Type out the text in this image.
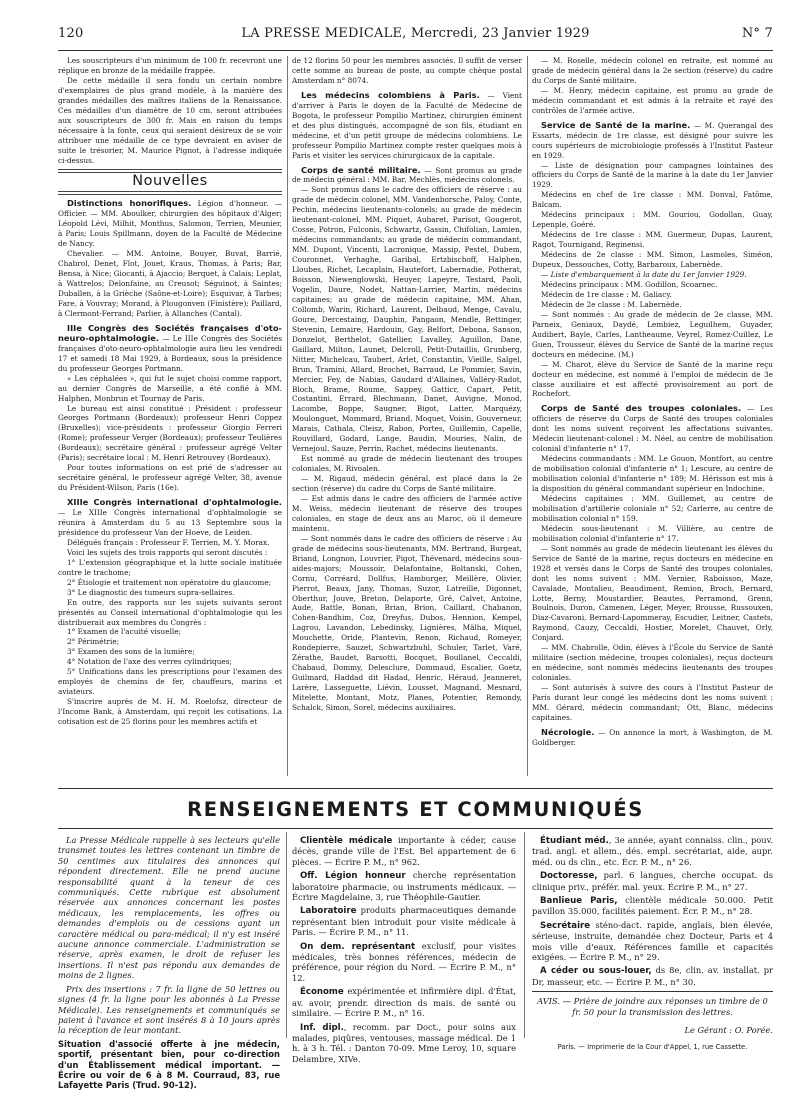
120	LA PRESSE MEDICALE, Mercredi, 23 Janvier 1929	N° 7

Les souscripteurs d'un minimum de 100 fr. recevront une réplique en bronze de la médaille frappée.

De cette médaille il sera fondu un certain nombre d'exemplaires de plus grand modèle, à la manière des grandes médailles des maîtres italiens de la Renaissance. Ces médailles d'un diamètre de 10 cm. seront attribuées aux souscripteurs de 300 fr. Mais en raison du temps nécessaire à la fonte, ceux qui seraient désireux de se voir attribuer une médaille de ce type devraient en aviser de suite le trésorier, M. Maurice Pignot, à l'adresse indiquée ci-dessus.

Nouvelles

Distinctions honorifiques. Légion d'honneur. — Officier. — MM. Aboulker, chirurgien des hôpitaux d'Alger; Léopold Lévi, Milhit, Monthus, Salomon, Terrien, Meunier, à Paris; Louis Spillmann, doyen de la Faculté de Médecine de Nancy.

Chevalier. — MM. Antoine, Bouyer, Buvat, Barrié, Chabrol, Denet, Flot, Jouet, Kraus, Thomas, à Paris; Bar, Bensa, à Nice; Giocanti, à Ajaccio; Berquet, à Calais; Leplat, à Wattrelos; Delonfaine, au Creusot; Séguinot, à Saintes; Duballen, à la Grièche (Saône-et-Loire); Esquivar, à Tarbes; Fare, à Vouvray; Morand, à Plougonven (Finistère); Paillard, à Clermont-Ferrand; Parlier, à Allanches (Cantal).

IIIe Congrès des Sociétés françaises d'oto-neuro-ophtalmologie. — Le IIIe Congrès des Sociétés françaises d'oto-neuro-ophtalmologie aura lieu les vendredi 17 et samedi 18 Mai 1929, à Bordeaux, sous la présidence du professeur Georges Portmann.

« Les céphalées », qui fut le sujet choisi comme rapport, au dernier Congrès de Marseille, a été confié à MM. Halphen, Monbrun et Tournay de Paris.

Le bureau est ainsi constitué : Président : professeur Georges Portmann (Bordeaux); professeur Henri Coppez (Bruxelles); vice-présidents : professeur Giorgio Ferreri (Rome); professeur Verger (Bordeaux); professeur Teulières (Bordeaux); secrétaire général : professeur agrégé Velter (Paris); secrétaire local : M. Henri Retrouvey (Bordeaux).

Pour toutes informations on est prié de s'adresser au secrétaire général, le professeur agrégé Velter, 38, avenue du Président-Wilson, Paris (16e).

XIIIe Congrès international d'ophtalmologie. — Le XIIIe Congrès international d'ophtalmologie se réunira à Amsterdam du 5 au 13 Septembre sous la présidence du professeur Van der Hoeve, de Leiden.

Délégués français : Professeur F. Terrien, M. Y. Morax.

Voici les sujets des trois rapports qui seront discutés :

1° L'extension géographique et la lutte sociale instituée contre le trachome;

2° Étiologie et traitement non opératoire du glaucome;

3° Le diagnostic des tumeurs supra-sellaires.

En outre, des rapports sur les sujets suivants seront présentés au Conseil international d'ophtalmologie qui les distribuerait aux membres du Congrès :

1° Examen de l'acuité visuelle;

2° Périmétrie;

3° Examen des sons de la lumière;

4° Notation de l'axe des verres cylindriques;

5° Unifications dans les prescriptions pour l'examen des employés de chemins de fer, chauffeurs, marins et aviateurs.

S'inscrire auprès de M. H. M. Roelofsz, directeur de l'Income Bank, à Amsterdam, qui reçoit les cotisations. La cotisation est de 25 florins pour les membres actifs et

de 12 florins 50 pour les membres associés. Il suffit de verser cette somme au bureau de poste, au compte chèque postal Amsterdam n° 8074.

Les médecins colombiens à Paris. — Vient d'arriver à Paris le doyen de la Faculté de Médecine de Bogota, le professeur Pompilio Martinez, chirurgien éminent et des plus distingués, accompagné de son fils, étudiant en médecine, et d'un petit groupe de médecins colombiens. Le professeur Pompilio Martinez compte rester quelques mois à Paris et visiter les services chirurgicaux de la capitale.

Corps de santé militaire. — Sont promus au grade de médecin général : MM. Bar, Mechlès, médecins colonels.

— Sont promus dans le cadre des officiers de réserve : au grade de médecin colonel, MM. Vandenborsche, Paloy, Conte, Pechin, médecins lieutenants-colonels; au grade de médecin lieutenant-colonel, MM. Piquet, Aubaret, Parisot, Gougerot, Cosse, Potron, Fulconis, Schwartz, Gassin, Chifolian, Lamien, médecins commandants; au grade de médecin commandant, MM. Dupont, Vincenti, Lacronique, Massip, Pestel, Dubem, Couronnet, Verhaghe, Garibal, Ertzbischoff, Halphen, Lloubes, Richet, Lecaplain, Hautefort, Labernadie, Potherat, Boisson, Niewenglowski, Heuyer, Lapeyre, Testard, Paoli, Vogelin, Daure, Nodet, Nattan-Larrier, Martin, médecins capitaines; au grade de médecin capitaine, MM. Ahan, Collomb, Warin, Richard, Laurent, Delbaud, Menge, Cavalu, Goure, Dercestaing, Dauphin, Pangaon, Mendle, Bettinger, Stevenin, Lemaire, Hardouin, Gay, Belfort, Debona, Sanson, Donzelot, Berthelot, Gatellier, Lavalley, Aguillon, Dane, Gaillard, Milton, Launet, Delcroll, Petit-Dutaillis, Grunberg, Nitter, Michelcau, Taubert, Arlet, Constantin, Vieille, Salgel, Brun, Tramini, Allard, Brochet, Barraud, Le Pommier, Savin, Mercier, Fey, de Nabias, Gaudard d'Allaines, Valléry-Radot, Bloch, Brame, Roume, Sappey, Gatticr, Capart, Petit, Costantini, Errard, Blechmann, Danet, Auvigne, Monod, Lacombe, Boppe, Saugner, Bigot, Latter, Marquézy, Moulonguet, Mommard, Briand, Moquet, Voisin, Gouverneur, Marais, Cathala, Cleisz, Rabon, Portes, Guillemin, Capelle, Rouvillard, Godard, Lange, Baudin, Mouries, Nalin, de Vernejoul, Sauze, Perrin, Rachet, médecins lieutenants.

Est nommé au grade de médecin lieutenant des troupes coloniales, M. Rivoalen.

— M. Rigaud, médecin général, est placé dans la 2e section (réserve) du cadre du Corps de Santé militaire.

— Est admis dans le cadre des officiers de l'armée active M. Weiss, médecin lieutenant de réserve des troupes coloniales, en stage de deux ans au Maroc, où il demeure maintenu.

— Sont nommés dans le cadre des officiers de réserve : Au grade de médecins sous-lieutenants, MM. Bertrand, Burgeat, Briand, Longnon, Louvrier, Pigot, Thévenard, médecins sous-aides-majors; Moussoir, Delafontaine, Boltanski, Cohen, Cornu, Corréard, Dollfus, Hamburger, Meillère, Olivier, Pierrot, Beaux, Jany, Thomas, Suzor, Latreille, Digonnet, Oberthur, Jouve, Breton, Delaporte, Gré, Calvet, Antoine, Aude, Battle, Bonan, Brian, Brion, Caillard, Chabanon, Cohen-Bandhim, Coz, Dreyfus, Dubos, Hennion, Kempel, Lagrou, Lavandon, Lebedinsky, Lignières, Mälha, Miquel, Mouchette, Oride, Plantevin, Renon, Richaud, Romeyer, Rondepierre, Sauzet, Schwartzbuhl, Schuler, Tarlet, Varé, Zérathe, Baudet, Barsotti, Bocquet, Boullanel, Ceccaldi, Chabaud, Dommy, Delesclure, Dommaud, Escalier, Goetz, Guilmard, Haddad dit Hadad, Henric, Héraud, Jeanneret, Larère, Lasseguette, Liévin, Lousset, Magnand, Mesnard, Mitelette, Montant, Motz, Planes, Potentier, Remondy, Schalck, Simon, Sorel, médecins auxiliaires.

— M. Roselle, médecin colonel en retraite, est nommé au grade de médecin général dans la 2e section (réserve) du cadre du Corps de Santé militaire.

— M. Henry, médecin capitaine, est promu au grade de médecin commandant et est admis à la retraite et rayé des contrôles de l'armée active.

Service de Santé de la marine. — M. Querangal des Essarts, médecin de 1re classe, est désigné pour suivre les cours supérieurs de microbiologie professés à l'Institut Pasteur en 1929.

— Liste de désignation pour campagnes lointaines des officiers du Corps de Santé de la marine à la date du 1er Janvier 1929.

Médecins en chef de 1re classe : MM. Donval, Fatôme, Balcam.

Médecins principaux : MM. Gouriou, Godollan, Guay, Lepenple, Goéré.

Médecins de 1re classe : MM. Guermeur, Dupas, Laurent, Ragot, Tournigand, Reginensi.

Médecins de 2e classe : MM. Simon, Lasmoles, Siméon, Dupeux, Dessouches, Cotty, Barbaroux, Labernède.

— Liste d'embarquement à la date du 1er Janvier 1929.

Médecins principaux : MM. Godillon, Scoarnec.

Médecin de 1re classe : M. Galiacy.

Médecin de 2e classe : M. Labernède.

— Sont nommés : Au grade de médecin de 2e classe, MM. Parneix, Geniaux, Daydé, Lembiez, Leguilhem, Guyader, Audibert, Bayle, Carles, Lantheaume, Veyrel, Romez-Cuillez, Le Guen, Trousseur, élèves du Service de Santé de la marine reçus docteurs en médecine. (M.)

— M. Charot, élève du Service de Santé de la marine reçu docteur en médecine, est nommé à l'emploi de médecin de 3e classe auxiliaire et est affecté provisoirement au port de Rochefort.

Corps de Santé des troupes coloniales. — Les officiers de réserve du Corps de Santé des troupes coloniales dont les noms suivent reçoivent les affectations suivantes. Médecin lieutenant-colonel : M. Néel, au centre de mobilisation colonial d'infanterie n° 17.

Médecins commandants : MM. Le Gouon, Montfort, au centre de mobilisation colonial d'infanterie n° 1; Lescure, au centre de mobilisation colonial d'infanterie n° 189; M. Hérisson est mis à la disposition du général commandant supérieur en Indochine.

Médecins capitaines : MM. Guillemet, au centre de mobilisation d'artillerie coloniale n° 52; Carlerre, au centre de mobilisation colonial n° 159.

Médecin sous-lieutenant : M. Villière, au centre de mobilisation colonial d'infanterie n° 17.

— Sont nommés au grade de médecin lieutenant les élèves du Service de Santé de la marine, reçus docteurs en médecine en 1928 et versés dans le Corps de Santé des troupes coloniales, dont les noms suivent : MM. Vernier, Raboisson, Maze, Cavalade, Montalieu, Beaudiment, Remion, Broch, Bernard, Lotte, Berny, Moustardier, Beautes, Perramond, Grenn, Boulnois, Duron, Camenen, Léger, Meyer, Brousse, Russouxen, Diaz-Cavaroni, Bernard-Lapommeray, Escudier, Leitner, Castets, Raymond, Cauzy, Ceccaldi, Hostier, Morelet, Chauvet, Orly, Conjard.

— MM. Chabrolle, Odin, élèves à l'École du Service de Santé militaire (section médecine, troupes coloniales), reçus docteurs en médecine, sont nommés médecins lieutenants des troupes coloniales.

— Sont autorisés à suivre des cours à l'Institut Pasteur de Paris durant leur congé les médecins dont les noms suivent : MM. Gérard, médecin commandant; Ott, Blanc, médecins capitaines.

Nécrologie. — On annonce la mort, à Washington, de M. Goldberger.

RENSEIGNEMENTS ET COMMUNIQUÉS

La Presse Médicale rappelle à ses lecteurs qu'elle transmet toutes les lettres contenant un timbre de 50 centimes aux titulaires des annonces qui répondent directement. Elle ne prend aucune responsabilité quant à la teneur de ces communiqués. Cette rubrique est absolument réservée aux annonces concernant les postes médicaux, les remplacements, les offres ou demandes d'emplois ou de cessions ayant un caractère médical ou para-médical; il n'y est inséré aucune annonce commerciale. L'administration se réserve, après examen, le droit de refuser les insertions. Il n'est pas répondu aux demandes de moins de 2 lignes.

Prix des insertions : 7 fr. la ligne de 50 lettres ou signes (4 fr. la ligne pour les abonnés à La Presse Médicale). Les renseignements et communiqués se paient à l'avance et sont insérés 8 à 10 jours après la réception de leur montant.

Situation d'associé offerte à jne médecin, sportif, présentant bien, pour co-direction d'un Établissement médical important. — Écrire ou voir de 6 à 8 M. Courraud, 83, rue Lafayette Paris (Trud. 90-12).

Clientèle médicale importante à céder, cause décès, grande ville de l'Est. Bel appartement de 6 pièces. — Écrire P. M., n° 962.

Off. Légion honneur cherche représentation laboratoire pharmacie, ou instruments médicaux. — Écrire Magdelaine, 3, rue Théophile-Gautier.

Laboratoire produits pharmaceutiques demande représentant bien introduit pour visite médicale à Paris. — Écrire P. M., n° 11.

On dem. représentant exclusif, pour visites médicales, très bonnes références, médecin de préférence, pour région du Nord. — Écrire P. M., n° 12.

Économe expérimentée et infirmière dipl. d'État, av. avoir, prendr. direction ds mais. de santé ou similaire. — Écrire P. M., n° 16.

Inf. dipl., recomm. par Doct., pour soins aux malades, piqûres, ventouses, massage médical. De 1 h. à 3 h. Tél. : Danton 70-09. Mme Leroy, 10, square Delambre, XIVe.

Étudiant méd., 3e année, ayant connaiss. clin., pouv. trad. angl. et allem., dés. empl. secrétariat, aide, aupr. méd. ou ds clin., etc. Écr. P. M., n° 26.

Doctoresse, parl. 6 langues, cherche occupat. ds clinique priv., préfér. mal. yeux. Écrire P. M., n° 27.

Banlieue Paris, clientèle médicale 50.000. Petit pavillon 35.000, facilités paiement. Écr. P. M., n° 28.

Secrétaire sténo-dact. rapide, anglais, bien élevée, sérieuse, instruite, demandée chez Docteur, Paris et 4 mois ville d'eaux. Références famille et capacités exigées. — Écrire P. M., n° 29.

A céder ou sous-louer, ds 8e, clin. av. installat. pr Dr, masseur, etc. — Écrire P. M., n° 30.

AVIS. — Prière de joindre aux réponses un timbre de 0 fr. 50 pour la transmission des lettres.
Le Gérant : O. Porée.
Paris. — Imprimerie de la Cour d'Appel, 1, rue Cassette.
